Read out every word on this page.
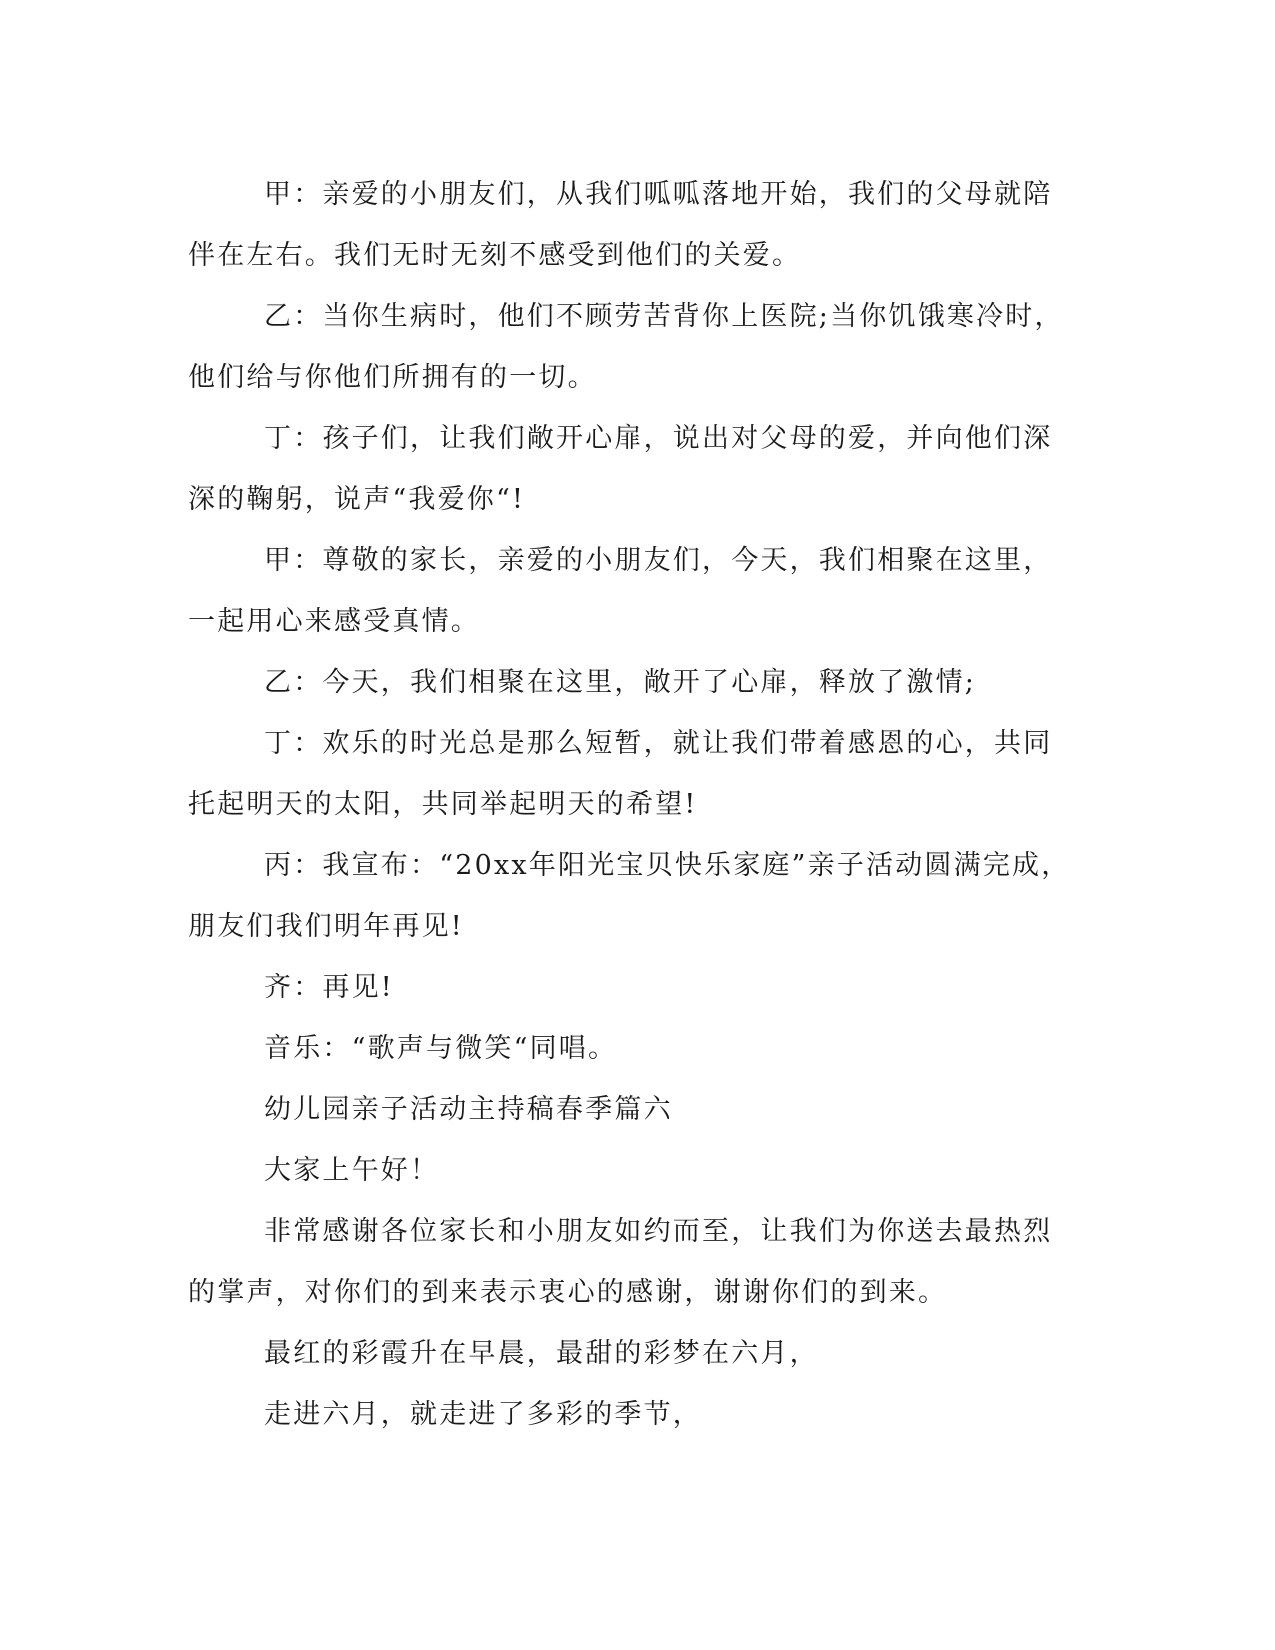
甲：亲爱的小朋友们，从我们呱呱落地开始，我们的父母就陪伴在左右。我们无时无刻不感受到他们的关爱。

乙：当你生病时，他们不顾劳苦背你上医院;当你饥饿寒冷时，他们给与你他们所拥有的一切。

丁：孩子们，让我们敞开心扉，说出对父母的爱，并向他们深深的鞠躬，说声“我爱你“!

甲：尊敬的家长，亲爱的小朋友们，今天，我们相聚在这里，一起用心来感受真情。

乙：今天，我们相聚在这里，敞开了心扉，释放了激情;

丁：欢乐的时光总是那么短暂，就让我们带着感恩的心，共同托起明天的太阳，共同举起明天的希望!

丙：我宣布：“20xx年阳光宝贝快乐家庭”亲子活动圆满完成，朋友们我们明年再见!

齐：再见!

音乐：“歌声与微笑“同唱。

幼儿园亲子活动主持稿春季篇六

大家上午好！

非常感谢各位家长和小朋友如约而至，让我们为你送去最热烈的掌声，对你们的到来表示衷心的感谢，谢谢你们的到来。

最红的彩霞升在早晨，最甜的彩梦在六月，

走进六月，就走进了多彩的季节，
